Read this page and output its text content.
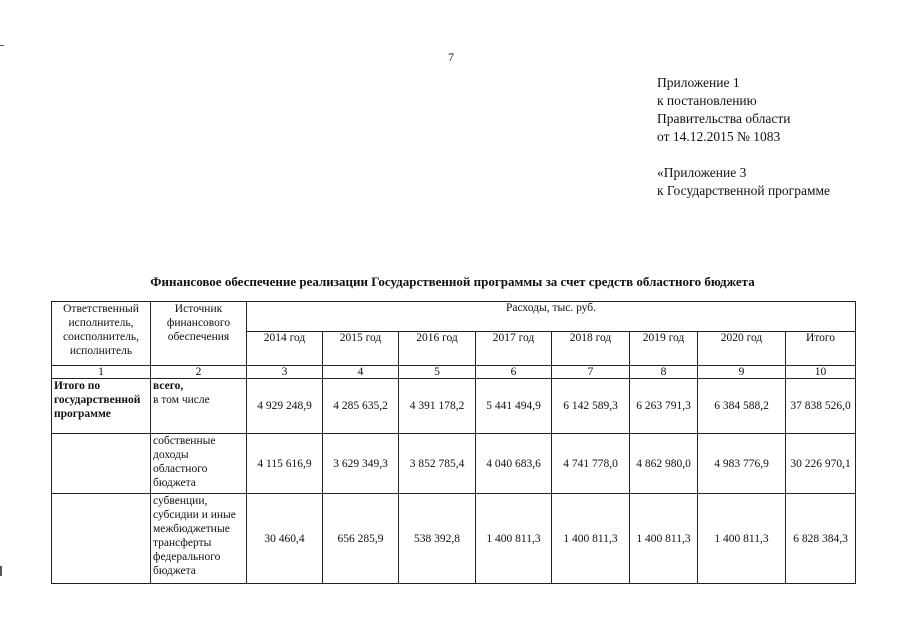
7
Приложение 1
к постановлению
Правительства области
от 14.12.2015 № 1083
«Приложение 3
к Государственной программе
Финансовое обеспечение реализации Государственной программы за счет средств областного бюджета
Ответственный исполнитель, соисполнитель, исполнитель	Источник финансового обеспечения	Расходы, тыс. руб.							
		2014 год	2015 год	2016 год	2017 год	2018 год	2019 год	2020 год	Итого
1	2	3	4	5	6	7	8	9	10
Итого по государственной программе	всего,
в том числе	4 929 248,9	4 285 635,2	4 391 178,2	5 441 494,9	6 142 589,3	6 263 791,3	6 384 588,2	37 838 526,0
	собственные доходы областного бюджета	4 115 616,9	3 629 349,3	3 852 785,4	4 040 683,6	4 741 778,0	4 862 980,0	4 983 776,9	30 226 970,1
	субвенции, субсидии и иные межбюджетные трансферты федерального бюджета	30 460,4	656 285,9	538 392,8	1 400 811,3	1 400 811,3	1 400 811,3	1 400 811,3	6 828 384,3
